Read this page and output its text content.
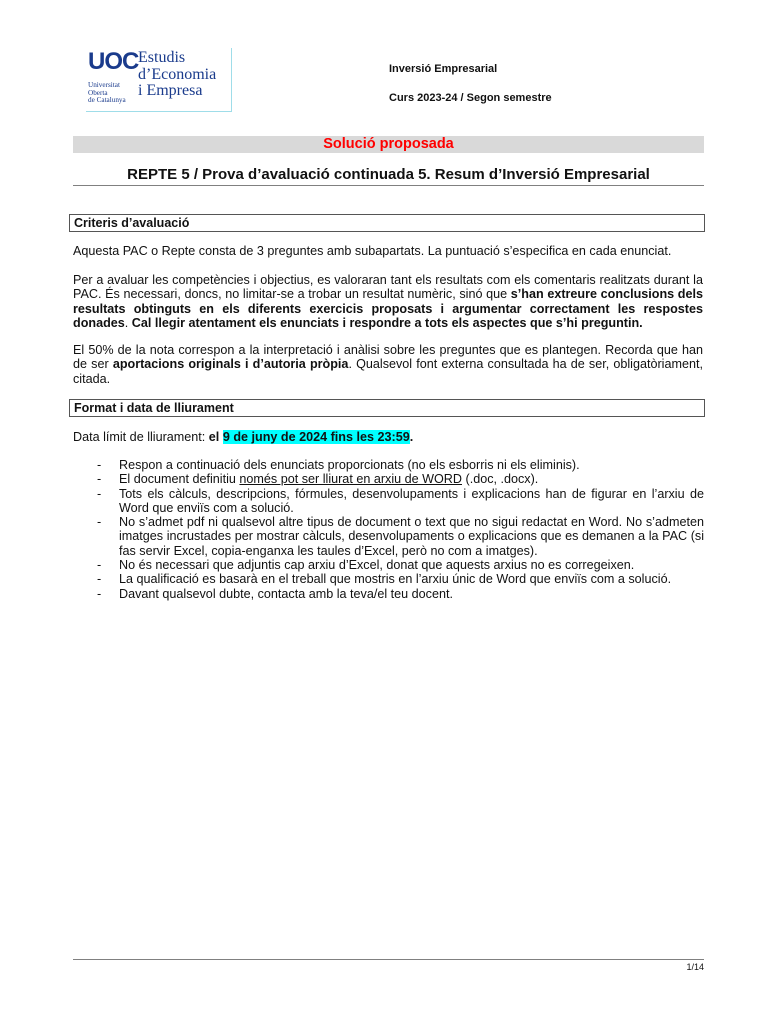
UOC
Universitat
Oberta
de Catalunya
Estudis
d’Economia
i Empresa
Inversió Empresarial
Curs 2023-24 / Segon semestre
Solució proposada
REPTE 5 / Prova d’avaluació continuada 5. Resum d’Inversió Empresarial
Criteris d’avaluació
Aquesta PAC o Repte consta de 3 preguntes amb subapartats. La puntuació s’especifica en cada enunciat.
Per a avaluar les competències i objectius, es valoraran tant els resultats com els comentaris realitzats durant la PAC. És necessari, doncs, no limitar-se a trobar un resultat numèric, sinó que s’han extreure conclusions dels resultats obtinguts en els diferents exercicis proposats i argumentar correctament les respostes donades. Cal llegir atentament els enunciats i respondre a tots els aspectes que s’hi preguntin.
El 50% de la nota correspon a la interpretació i anàlisi sobre les preguntes que es plantegen. Recorda que han de ser aportacions originals i d’autoria pròpia. Qualsevol font externa consultada ha de ser, obligatòriament, citada.
Format i data de lliurament
Data límit de lliurament: el 9 de juny de 2024 fins les 23:59.
- Respon a continuació dels enunciats proporcionats (no els esborris ni els eliminis).
- El document definitiu només pot ser lliurat en arxiu de WORD (.doc, .docx).
- Tots els càlculs, descripcions, fórmules, desenvolupaments i explicacions han de figurar en l’arxiu de Word que enviïs com a solució.
- No s’admet pdf ni qualsevol altre tipus de document o text que no sigui redactat en Word. No s’admeten imatges incrustades per mostrar càlculs, desenvolupaments o explicacions que es demanen a la PAC (si fas servir Excel, copia-enganxa les taules d’Excel, però no com a imatges).
- No és necessari que adjuntis cap arxiu d’Excel, donat que aquests arxius no es corregeixen.
- La qualificació es basarà en el treball que mostris en l’arxiu únic de Word que enviïs com a solució.
- Davant qualsevol dubte, contacta amb la teva/el teu docent.
1/14
